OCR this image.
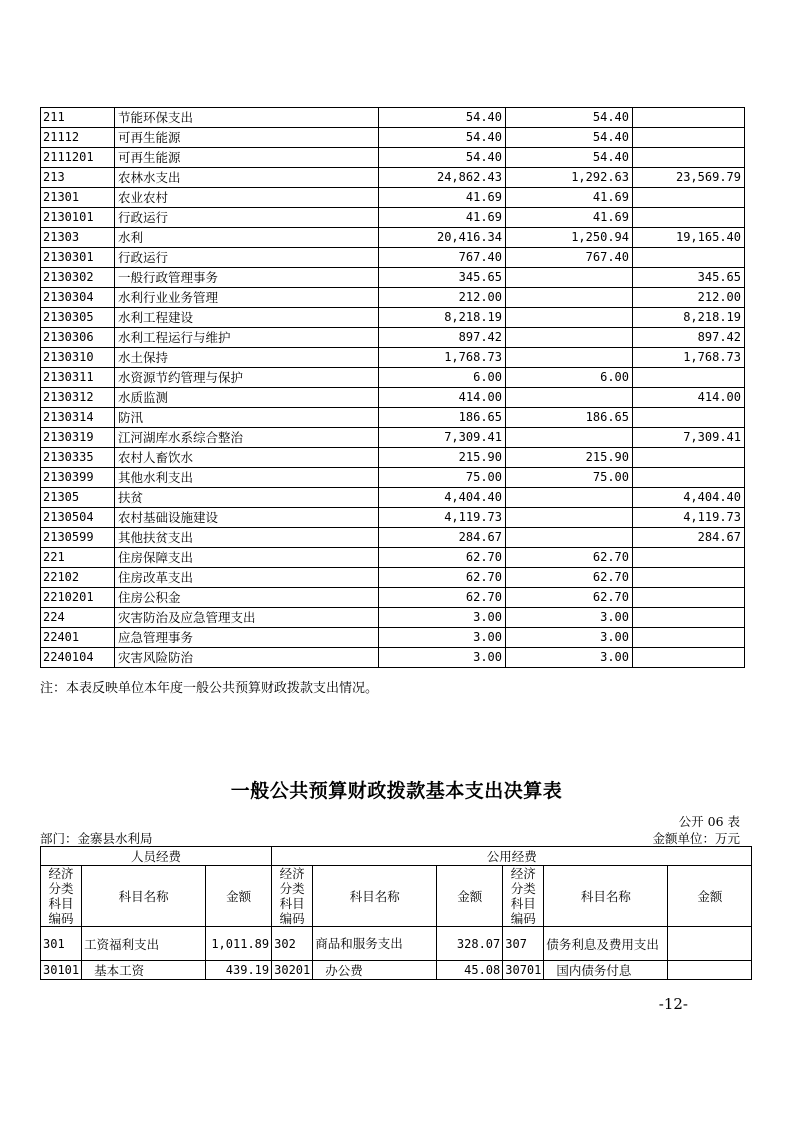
211	节能环保支出	54.40	54.40	
21112	可再生能源	54.40	54.40	
2111201	可再生能源	54.40	54.40	
213	农林水支出	24,862.43	1,292.63	23,569.79
21301	农业农村	41.69	41.69	
2130101	行政运行	41.69	41.69	
21303	水利	20,416.34	1,250.94	19,165.40
2130301	行政运行	767.40	767.40	
2130302	一般行政管理事务	345.65		345.65
2130304	水利行业业务管理	212.00		212.00
2130305	水利工程建设	8,218.19		8,218.19
2130306	水利工程运行与维护	897.42		897.42
2130310	水土保持	1,768.73		1,768.73
2130311	水资源节约管理与保护	6.00	6.00	
2130312	水质监测	414.00		414.00
2130314	防汛	186.65	186.65	
2130319	江河湖库水系综合整治	7,309.41		7,309.41
2130335	农村人畜饮水	215.90	215.90	
2130399	其他水利支出	75.00	75.00	
21305	扶贫	4,404.40		4,404.40
2130504	农村基础设施建设	4,119.73		4,119.73
2130599	其他扶贫支出	284.67		284.67
221	住房保障支出	62.70	62.70	
22102	住房改革支出	62.70	62.70	
2210201	住房公积金	62.70	62.70	
224	灾害防治及应急管理支出	3.00	3.00	
22401	应急管理事务	3.00	3.00	
2240104	灾害风险防治	3.00	3.00	
注：本表反映单位本年度一般公共预算财政拨款支出情况。
一般公共预算财政拨款基本支出决算表
公开 06 表
部门：金寨县水利局	金额单位：万元
人员经费			公用经费					
经济分类科目编码	科目名称	金额	经济分类科目编码	科目名称	金额	经济分类科目编码	科目名称	金额
301	工资福利支出	1,011.89	302	商品和服务支出	328.07	307	债务利息及费用支出	
30101	基本工资	439.19	30201	办公费	45.08	30701	国内债务付息	
-12-
